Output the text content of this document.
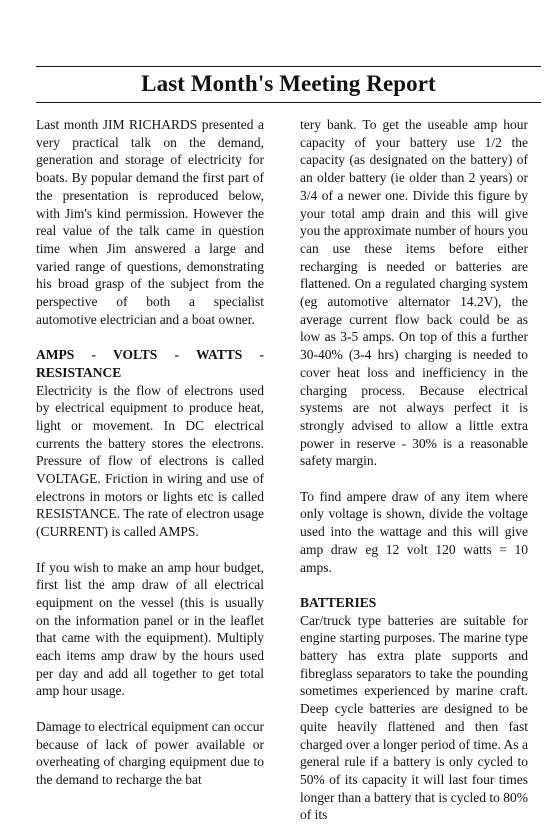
Last Month's Meeting Report

Last month JIM RICHARDS presented a very practical talk on the demand, generation and storage of electricity for boats. By popular demand the first part of the presentation is reproduced below, with Jim's kind permission. However the real value of the talk came in question time when Jim answered a large and varied range of questions, demonstrating his broad grasp of the subject from the perspective of both a specialist automotive electrician and a boat owner.

AMPS - VOLTS - WATTS - RESISTANCE

Electricity is the flow of electrons used by electrical equipment to produce heat, light or movement. In DC electrical currents the battery stores the electrons. Pressure of flow of electrons is called VOLTAGE. Friction in wiring and use of electrons in motors or lights etc is called RESISTANCE. The rate of electron usage (CURRENT) is called AMPS.

If you wish to make an amp hour budget, first list the amp draw of all electrical equipment on the vessel (this is usually on the information panel or in the leaflet that came with the equipment). Multiply each items amp draw by the hours used per day and add all together to get total amp hour usage.

Damage to electrical equipment can occur because of lack of power available or overheating of charging equipment due to the demand to recharge the bat

tery bank. To get the useable amp hour capacity of your battery use 1/2 the capacity (as designated on the battery) of an older battery (ie older than 2 years) or 3/4 of a newer one. Divide this figure by your total amp drain and this will give you the approximate number of hours you can use these items before either recharging is needed or batteries are flattened. On a regulated charging system (eg automotive alternator 14.2V), the average current flow back could be as low as 3-5 amps. On top of this a further 30-40% (3-4 hrs) charging is needed to cover heat loss and inefficiency in the charging process. Because electrical systems are not always perfect it is strongly advised to allow a little extra power in reserve - 30% is a reasonable safety margin.

To find ampere draw of any item where only voltage is shown, divide the voltage used into the wattage and this will give amp draw eg 12 volt 120 watts = 10 amps.

BATTERIES

Car/truck type batteries are suitable for engine starting purposes. The marine type battery has extra plate supports and fibreglass separators to take the pounding sometimes experienced by marine craft. Deep cycle batteries are designed to be quite heavily flattened and then fast charged over a longer period of time. As a general rule if a battery is only cycled to 50% of its capacity it will last four times longer than a battery that is cycled to 80% of its
